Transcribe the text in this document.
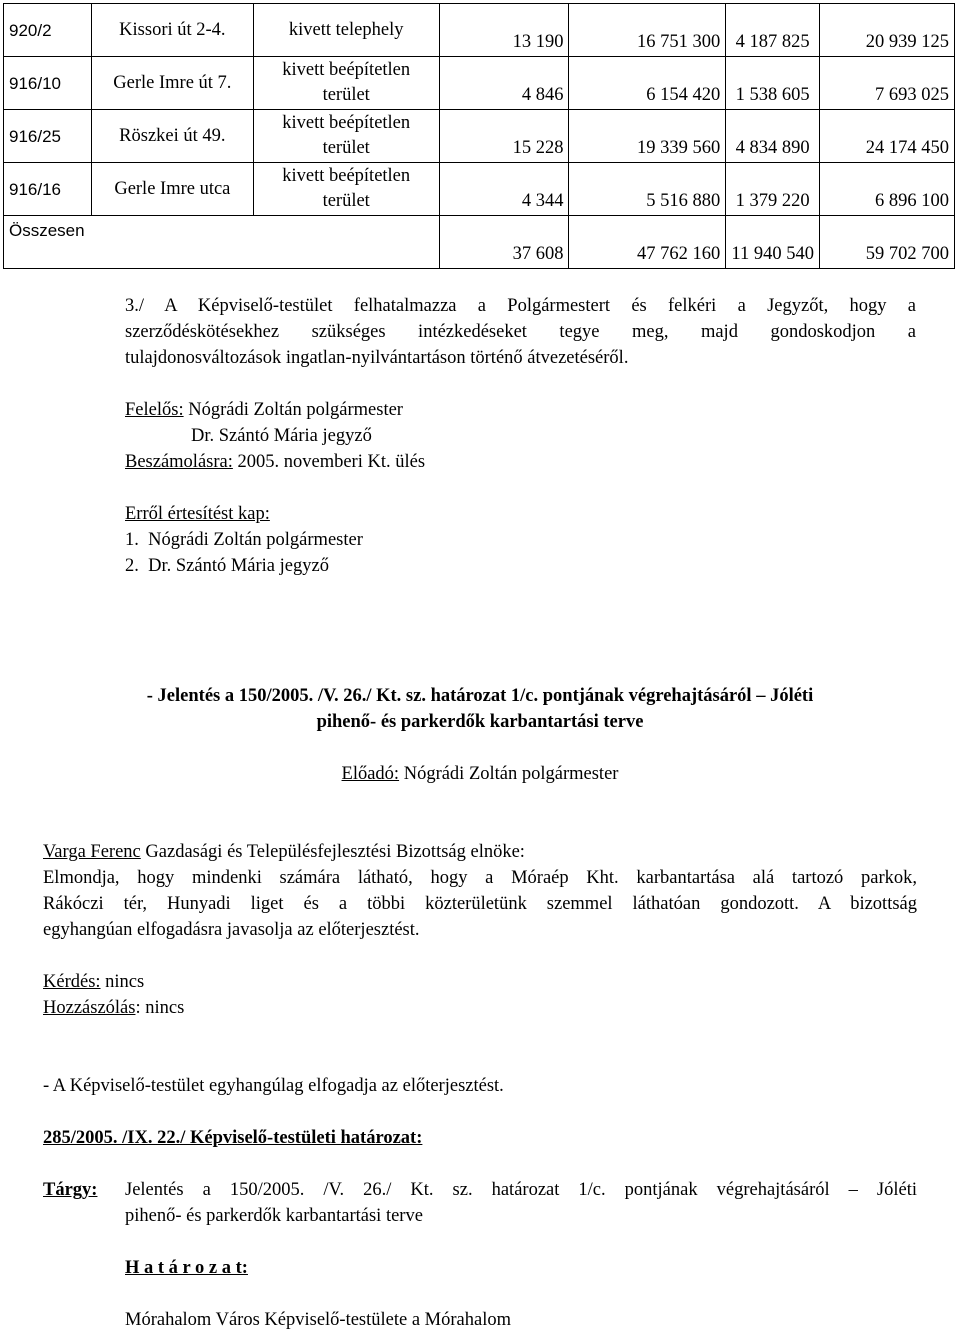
920/2	Kissori út 2-4.	kivett telephely	13 190	16 751 300	4 187 825	20 939 125
916/10	Gerle Imre út 7.	kivett beépítetlen terület	4 846	6 154 420	1 538 605	7 693 025
916/25	Röszkei út 49.	kivett beépítetlen terület	15 228	19 339 560	4 834 890	24 174 450
916/16	Gerle Imre utca	kivett beépítetlen terület	4 344	5 516 880	1 379 220	6 896 100
Összesen			37 608	47 762 160	11 940 540	59 702 700
3./ A Képviselő-testület felhatalmazza a Polgármestert és felkéri a Jegyzőt, hogy a
szerződéskötésekhez szükséges intézkedéseket tegye meg, majd gondoskodjon a
tulajdonosváltozások ingatlan-nyilvántartáson történő átvezetéséről.
Felelős: Nógrádi Zoltán polgármester
Dr. Szántó Mária jegyző
Beszámolásra: 2005. novemberi Kt. ülés
Erről értesítést kap:
1.  Nógrádi Zoltán polgármester
2.  Dr. Szántó Mária jegyző
- Jelentés a 150/2005. /V. 26./ Kt. sz. határozat 1/c. pontjának végrehajtásáról – Jóléti
pihenő- és parkerdők karbantartási terve
Előadó: Nógrádi Zoltán polgármester
Varga Ferenc Gazdasági és Településfejlesztési Bizottság elnöke:
Elmondja, hogy mindenki számára látható, hogy a Móraép Kht. karbantartása alá tartozó parkok,
Rákóczi tér, Hunyadi liget és a többi közterületünk szemmel láthatóan gondozott. A bizottság
egyhangúan elfogadásra javasolja az előterjesztést.
Kérdés: nincs
Hozzászólás: nincs
- A Képviselő-testület egyhangúlag elfogadja az előterjesztést.
285/2005. /IX. 22./ Képviselő-testületi határozat:
Tárgy: Jelentés a 150/2005. /V. 26./ Kt. sz. határozat 1/c. pontjának végrehajtásáról – Jóléti
pihenő- és parkerdők karbantartási terve
H a t á r o z a t:
Mórahalom Város Képviselő-testülete a Mórahalom
